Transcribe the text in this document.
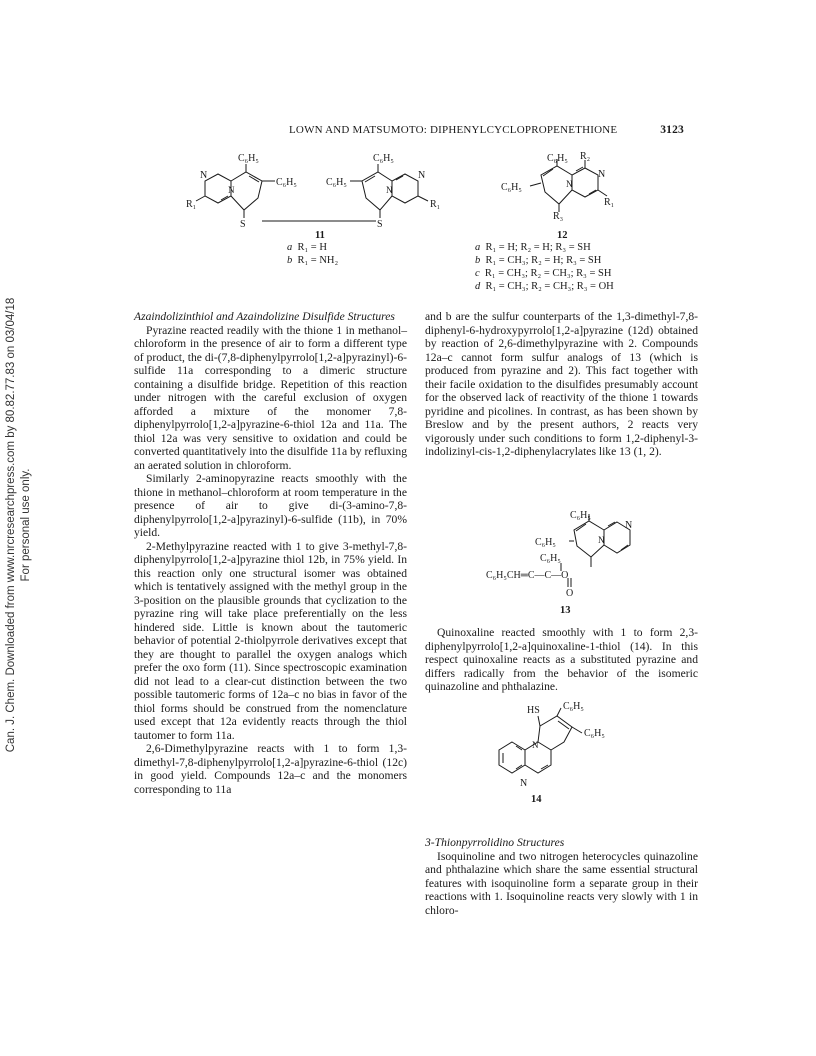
Can. J. Chem. Downloaded from www.nrcresearchpress.com by 80.82.77.83 on 03/04/18 For personal use only.
LOWN AND MATSUMOTO: DIPHENYLCYCLOPROPENETHIONE	3123
C₆H₅
C₆H₅
N
N
R₁
S
C₆H₅
C₆H₅
N
N
R₁
S
C₆H₅ R₂
C₆H₅
N
N
R₁
R₃
C₆H₅
C₆H₅
N
N
C₆H₅
C₆H₅CH═C—C—O
O
HS C₆H₅
C₆H₅
N
N
11
a R₁ = H
b R₁ = NH₂
12
a R₁ = H; R₂ = H; R₃ = SH
b R₁ = CH₃; R₂ = H; R₃ = SH
c R₁ = CH₃; R₂ = CH₃; R₃ = SH
d R₁ = CH₃; R₂ = CH₃; R₃ = OH
13
14
Azaindolizinthiol and Azaindolizine Disulfide Structures

Pyrazine reacted readily with the thione 1 in methanol–chloroform in the presence of air to form a different type of product, the di-(7,8-diphenylpyrrolo[1,2-a]pyrazinyl)-6-sulfide 11a corresponding to a dimeric structure containing a disulfide bridge. Repetition of this reaction under nitrogen with the careful exclusion of oxygen afforded a mixture of the monomer 7,8-diphenylpyrrolo[1,2-a]pyrazine-6-thiol 12a and 11a. The thiol 12a was very sensitive to oxidation and could be converted quantitatively into the disulfide 11a by refluxing an aerated solution in chloroform.

Similarly 2-aminopyrazine reacts smoothly with the thione in methanol–chloroform at room temperature in the presence of air to give di-(3-amino-7,8-diphenylpyrrolo[1,2-a]pyrazinyl)-6-sulfide (11b), in 70% yield.

2-Methylpyrazine reacted with 1 to give 3-methyl-7,8-diphenylpyrrolo[1,2-a]pyrazine thiol 12b, in 75% yield. In this reaction only one structural isomer was obtained which is tentatively assigned with the methyl group in the 3-position on the plausible grounds that cyclization to the pyrazine ring will take place preferentially on the less hindered side. Little is known about the tautomeric behavior of potential 2-thiolpyrrole derivatives except that they are thought to parallel the oxygen analogs which prefer the oxo form (11). Since spectroscopic examination did not lead to a clear-cut distinction between the two possible tautomeric forms of 12a–c no bias in favor of the thiol forms should be construed from the nomenclature used except that 12a evidently reacts through the thiol tautomer to form 11a.

2,6-Dimethylpyrazine reacts with 1 to form 1,3-dimethyl-7,8-diphenylpyrrolo[1,2-a]pyrazine-6-thiol (12c) in good yield. Compounds 12a–c and the monomers corresponding to 11a

and b are the sulfur counterparts of the 1,3-dimethyl-7,8-diphenyl-6-hydroxypyrrolo[1,2-a]pyrazine (12d) obtained by reaction of 2,6-dimethylpyrazine with 2. Compounds 12a–c cannot form sulfur analogs of 13 (which is produced from pyrazine and 2). This fact together with their facile oxidation to the disulfides presumably account for the observed lack of reactivity of the thione 1 towards pyridine and picolines. In contrast, as has been shown by Breslow and by the present authors, 2 reacts very vigorously under such conditions to form 1,2-diphenyl-3-indolizinyl-cis-1,2-diphenylacrylates like 13 (1, 2).

Quinoxaline reacted smoothly with 1 to form 2,3-diphenylpyrrolo[1,2-a]quinoxaline-1-thiol (14). In this respect quinoxaline reacts as a substituted pyrazine and differs radically from the behavior of the isomeric quinazoline and phthalazine.

3-Thionpyrrolidino Structures

Isoquinoline and two nitrogen heterocycles quinazoline and phthalazine which share the same essential structural features with isoquinoline form a separate group in their reactions with 1. Isoquinoline reacts very slowly with 1 in chloro-
